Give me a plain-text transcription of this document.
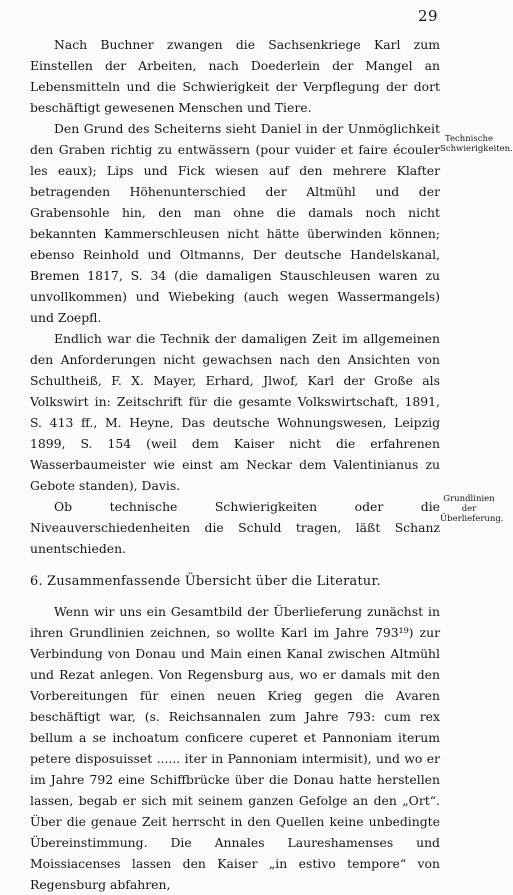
29

Nach Buchner zwangen die Sachsenkriege Karl zum Einstellen der Arbeiten, nach Doederlein der Mangel an Lebensmitteln und die Schwierigkeit der Verpflegung der dort beschäftigt gewesenen Menschen und Tiere.

Den Grund des Scheiterns sieht Daniel in der Unmöglichkeit den Graben richtig zu entwässern (pour vuider et faire écouler les eaux); Lips und Fick wiesen auf den mehrere Klafter betragenden Höhenunterschied der Altmühl und der Grabensohle hin, den man ohne die damals noch nicht bekannten Kammerschleusen nicht hätte überwinden können; ebenso Reinhold und Oltmanns, Der deutsche Handelskanal, Bremen 1817, S. 34 (die damaligen Stauschleusen waren zu unvollkommen) und Wiebeking (auch wegen Wassermangels) und Zoepfl.

Endlich war die Technik der damaligen Zeit im allgemeinen den Anforderungen nicht gewachsen nach den Ansichten von Schultheiß, F. X. Mayer, Erhard, Jlwof, Karl der Große als Volkswirt in: Zeitschrift für die gesamte Volkswirtschaft, 1891, S. 413 ff., M. Heyne, Das deutsche Wohnungswesen, Leipzig 1899, S. 154 (weil dem Kaiser nicht die erfahrenen Wasserbaumeister wie einst am Neckar dem Valentinianus zu Gebote standen), Davis.

Ob technische Schwierigkeiten oder die Niveauverschiedenheiten die Schuld tragen, läßt Schanz unentschieden.

6. Zusammenfassende Übersicht über die Literatur.

Wenn wir uns ein Gesamtbild der Überlieferung zunächst in ihren Grundlinien zeichnen, so wollte Karl im Jahre 793¹⁹) zur Verbindung von Donau und Main einen Kanal zwischen Altmühl und Rezat anlegen. Von Regensburg aus, wo er damals mit den Vorbereitungen für einen neuen Krieg gegen die Avaren beschäftigt war, (s. Reichsannalen zum Jahre 793: cum rex bellum a se inchoatum conficere cuperet et Pannoniam iterum petere disposuisset ...... iter in Pannoniam intermisit), und wo er im Jahre 792 eine Schiffbrücke über die Donau hatte herstellen lassen, begab er sich mit seinem ganzen Gefolge an den „Ort“. Über die genaue Zeit herrscht in den Quellen keine unbedingte Übereinstimmung. Die Annales Laureshamenses und Moissiacenses lassen den Kaiser „in estivo tempore“ von Regensburg abfahren,

Technische Schwierigkeiten.
Grundlinien der Überlieferung.
